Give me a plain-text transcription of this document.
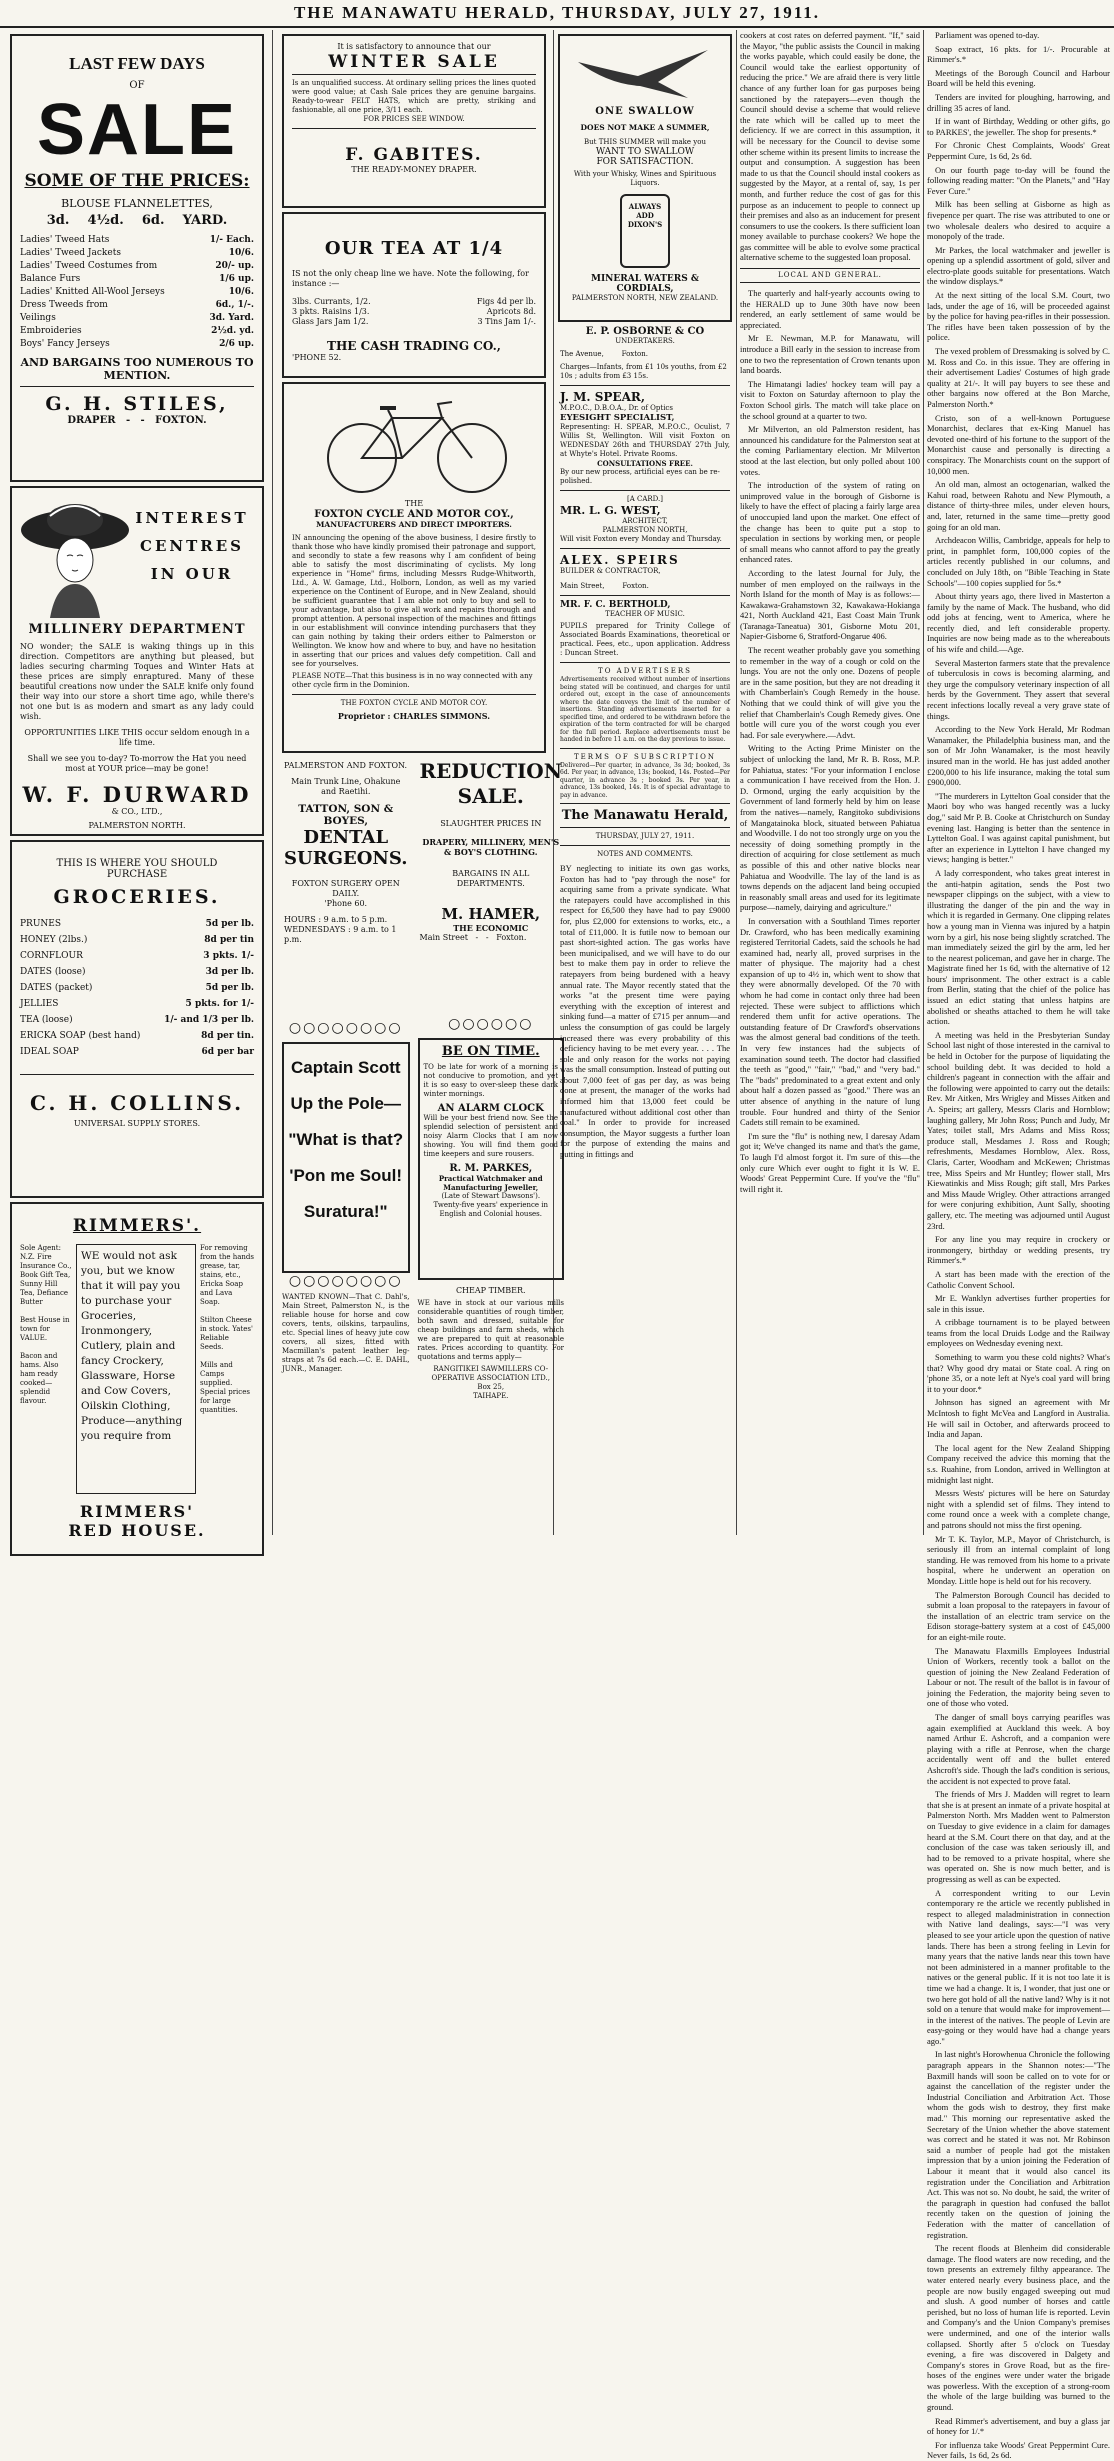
THE MANAWATU HERALD, THURSDAY, JULY 27, 1911.
LAST FEW DAYS
OF
SALE
SOME OF THE PRICES:
BLOUSE FLANNELETTES,
3d.    4½d.    6d.    YARD.
Ladies' Tweed Hats	1/- Each.
Ladies' Tweed Jackets	10/6.
Ladies' Tweed Costumes from	20/- up.
Balance Furs	1/6 up.
Ladies' Knitted All-Wool Jerseys	10/6.
Dress Tweeds from	6d., 1/-.
Veilings	3d. Yard.
Embroideries	2½d. yd.
Boys' Fancy Jerseys	2/6 up.
AND BARGAINS TOO NUMEROUS TO MENTION.
G. H. STILES,
DRAPER   -   -   FOXTON.
INTEREST
CENTRES
IN OUR
MILLINERY DEPARTMENT
NO wonder; the SALE is waking things up in this direction. Competitors are anything but pleased, but ladies securing charming Toques and Winter Hats at these prices are simply enraptured. Many of these beautiful creations now under the SALE knife only found their way into our store a short time ago, while there's not one but is as modern and smart as any lady could wish.
OPPORTUNITIES LIKE THIS occur seldom enough in a life time.
Shall we see you to-day? To-morrow the Hat you need most at YOUR price—may be gone!
W. F. DURWARD
& CO., LTD.,
PALMERSTON NORTH.
THIS IS WHERE YOU SHOULD
PURCHASE
GROCERIES.
PRUNES	5d per lb.
HONEY (2lbs.)	8d per tin
CORNFLOUR	3 pkts. 1/-
DATES (loose)	3d per lb.
DATES (packet)	5d per lb.
JELLIES	5 pkts. for 1/-
TEA (loose)	1/- and 1/3 per lb.
ERICKA SOAP (best hand)	8d per tin.
IDEAL SOAP	6d per bar
C. H. COLLINS.
UNIVERSAL SUPPLY STORES.
RIMMERS'.
Sole Agent: N.Z. Fire Insurance Co., Book Gift Tea, Sunny Hill Tea, Defiance Butter

Best House in town for VALUE.

Bacon and hams. Also ham ready cooked—splendid flavour.
WE would not ask you, but we know that it will pay you to purchase your Groceries, Ironmongery, Cutlery, plain and fancy Crockery, Glassware, Horse and Cow Covers, Oilskin Clothing, Produce—anything you require from
For removing from the hands grease, tar, stains, etc., Ericka Soap and Lava Soap.

Stilton Cheese in stock. Yates' Reliable Seeds.

Mills and Camps supplied. Special prices for large quantities.
RIMMERS'
RED HOUSE.
It is satisfactory to announce that our
WINTER SALE
Is an unqualified success. At ordinary selling prices the lines quoted were good value; at Cash Sale prices they are genuine bargains. Ready-to-wear FELT HATS, which are pretty, striking and fashionable, all one price, 3/11 each.
FOR PRICES SEE WINDOW.
F. GABITES.
THE READY-MONEY DRAPER.
OUR TEA AT 1/4
IS not the only cheap line we have. Note the following, for instance :—
3lbs. Currants, 1/2.
3 pkts. Raisins 1/3.
Glass Jars Jam 1/2.
Figs 4d per lb.
Apricots 8d.
3 Tins Jam 1/-.
THE CASH TRADING CO.,
'PHONE 52.
THE
FOXTON CYCLE AND MOTOR COY.,
MANUFACTURERS AND DIRECT IMPORTERS.
IN announcing the opening of the above business, I desire firstly to thank those who have kindly promised their patronage and support, and secondly to state a few reasons why I am confident of being able to satisfy the most discriminating of cyclists. My long experience in "Home" firms, including Messrs Rudge-Whitworth, Ltd., A. W. Gamage, Ltd., Holborn, London, as well as my varied experience on the Continent of Europe, and in New Zealand, should be sufficient guarantee that I am able not only to buy and sell to your advantage, but also to give all work and repairs thorough and prompt attention. A personal inspection of the machines and fittings in our establishment will convince intending purchasers that they can gain nothing by taking their orders either to Palmerston or Wellington. We know how and where to buy, and have no hesitation in asserting that our prices and values defy competition. Call and see for yourselves.
PLEASE NOTE—That this business is in no way connected with any other cycle firm in the Dominion.
THE FOXTON CYCLE AND MOTOR COY.
Proprietor : CHARLES SIMMONS.
PALMERSTON AND FOXTON.
Main Trunk Line, Ohakune and Raetihi.
TATTON, SON & BOYES,
DENTAL SURGEONS.
FOXTON SURGERY OPEN DAILY.
'Phone 60.
HOURS : 9 a.m. to 5 p.m.
WEDNESDAYS : 9 a.m. to 1 p.m.
○○○○○○○○
Captain Scott
Up the Pole—
"What is that?
'Pon me Soul!
Suratura!"
○○○○○○○○
WANTED KNOWN—That C. Dahl's, Main Street, Palmerston N., is the reliable house for horse and cow covers, tents, oilskins, tarpaulins, etc. Special lines of heavy jute cow covers, all sizes, fitted with Macmillan's patent leather leg-straps at 7s 6d each.—C. E. DAHL, JUNR., Manager.
REDUCTION SALE.
SLAUGHTER PRICES IN
DRAPERY, MILLINERY, MEN'S & BOY'S CLOTHING.
BARGAINS IN ALL DEPARTMENTS.
M. HAMER,
THE ECONOMIC
Main Street   -   -   Foxton.
○○○○○○
BE ON TIME.
TO be late for work of a morning is not conducive to promotion, and yet it is so easy to over-sleep these dark winter mornings.
AN ALARM CLOCK
Will be your best friend now. See the splendid selection of persistent and noisy Alarm Clocks that I am now showing. You will find them good time keepers and sure rousers.
R. M. PARKES,
Practical Watchmaker and Manufacturing Jeweller,
(Late of Stewart Dawsons').
Twenty-five years' experience in English and Colonial houses.
CHEAP TIMBER.
WE have in stock at our various mills considerable quantities of rough timber, both sawn and dressed, suitable for cheap buildings and farm sheds, which we are prepared to quit at reasonable rates. Prices according to quantity. For quotations and terms apply—
RANGITIKEI SAWMILLERS CO-OPERATIVE ASSOCIATION LTD.,
Box 25,
TAIHAPE.
ONE SWALLOW
DOES NOT MAKE A SUMMER,
But THIS SUMMER will make you
WANT TO SWALLOW
FOR SATISFACTION.
With your Whisky, Wines and Spirituous Liquors.
ALWAYS
ADD
DIXON'S
MINERAL WATERS & CORDIALS,
PALMERSTON NORTH, NEW ZEALAND.
E. P. OSBORNE & CO
UNDERTAKERS.
The Avenue,        Foxton.
Charges—Infants, from £1 10s youths, from £2 10s ; adults from £3 15s.
J. M. SPEAR,
M.P.O.C., D.B.O.A., Dr. of Optics
EYESIGHT SPECIALIST,
Representing: H. SPEAR, M.P.O.C., Oculist, 7 Willis St, Wellington. Will visit Foxton on WEDNESDAY 26th and THURSDAY 27th July, at Whyte's Hotel. Private Rooms.
CONSULTATIONS FREE.
By our new process, artificial eyes can be re-polished.
[A CARD.]
MR. L. G. WEST,
ARCHITECT,
PALMERSTON NORTH,
Will visit Foxton every Monday and Thursday.
ALEX. SPEIRS
BUILDER & CONTRACTOR,
Main Street,        Foxton.
MR. F. C. BERTHOLD,
TEACHER OF MUSIC.
PUPILS prepared for Trinity College of Associated Boards Examinations, theoretical or practical. Fees, etc., upon application. Address : Duncan Street.
TO ADVERTISERS
Advertisements received without number of insertions being stated will be continued, and charges for until ordered out, except in the case of announcements where the date conveys the limit of the number of insertions. Standing advertisements inserted for a specified time, and ordered to be withdrawn before the expiration of the term contracted for will be charged for the full period. Replace advertisements must be handed in before 11 a.m. on the day previous to issue.
TERMS OF SUBSCRIPTION
Delivered—Per quarter, in advance, 3s 3d; booked, 3s 6d. Per year, in advance, 13s; booked, 14s. Posted—Per quarter, in advance 3s ; booked 3s. Per year, in advance, 13s booked, 14s. It is of special advantage to pay in advance.
The Manawatu Herald,
THURSDAY, JULY 27, 1911.
NOTES AND COMMENTS.
BY neglecting to initiate its own gas works, Foxton has had to "pay through the nose" for acquiring same from a private syndicate. What the ratepayers could have accomplished in this respect for £6,500 they have had to pay £9000 for, plus £2,000 for extensions to works, etc., a total of £11,000. It is futile now to bemoan our past short-sighted action. The gas works have been municipalised, and we will have to do our best to make them pay in order to relieve the ratepayers from being burdened with a heavy annual rate. The Mayor recently stated that the works "at the present time were paying everything with the exception of interest and sinking fund—a matter of £715 per annum—and unless the consumption of gas could be largely increased there was every probability of this deficiency having to be met every year. . . . The sole and only reason for the works not paying was the small consumption. Instead of putting out about 7,000 feet of gas per day, as was being done at present, the manager of the works had informed him that 13,000 feet could be manufactured without additional cost other than coal." In order to provide for increased consumption, the Mayor suggests a further loan for the purpose of extending the mains and putting in fittings and
cookers at cost rates on deferred payment. "If," said the Mayor, "the public assists the Council in making the works payable, which could easily be done, the Council would take the earliest opportunity of reducing the price." We are afraid there is very little chance of any further loan for gas purposes being sanctioned by the ratepayers—even though the Council should devise a scheme that would relieve the rate which will be called up to meet the deficiency. If we are correct in this assumption, it will be necessary for the Council to devise some other scheme within its present limits to increase the output and consumption. A suggestion has been made to us that the Council should instal cookers as suggested by the Mayor, at a rental of, say, 1s per month, and further reduce the cost of gas for this purpose as an inducement to people to connect up their premises and also as an inducement for present consumers to use the cookers. Is there sufficient loan money available to purchase cookers? We hope the gas committee will be able to evolve some practical alternative scheme to the suggested loan proposal.
LOCAL AND GENERAL.

The quarterly and half-yearly accounts owing to the HERALD up to June 30th have now been rendered, an early settlement of same would be appreciated.

Mr E. Newman, M.P. for Manawatu, will introduce a Bill early in the session to increase from one to two the representation of Crown tenants upon land boards.

The Himatangi ladies' hockey team will pay a visit to Foxton on Saturday afternoon to play the Foxton School girls. The match will take place on the school ground at a quarter to two.

Mr Milverton, an old Palmerston resident, has announced his candidature for the Palmerston seat at the coming Parliamentary election. Mr Milverton stood at the last election, but only polled about 100 votes.

The introduction of the system of rating on unimproved value in the borough of Gisborne is likely to have the effect of placing a fairly large area of unoccupied land upon the market. One effect of the change has been to quite put a stop to speculation in sections by working men, or people of small means who cannot afford to pay the greatly enhanced rates.

According to the latest Journal for July, the number of men employed on the railways in the North Island for the month of May is as follows:—Kawakawa-Grahamstown 32, Kawakawa-Hokianga 421, North Auckland 421, East Coast Main Trunk (Taranaga-Taneatua) 301, Gisborne Motu 201, Napier-Gisborne 6, Stratford-Ongarue 406.

The recent weather probably gave you something to remember in the way of a cough or cold on the lungs. You are not the only one. Dozens of people are in the same position, but they are not dreading it with Chamberlain's Cough Remedy in the house. Nothing that we could think of will give you the relief that Chamberlain's Cough Remedy gives. One bottle will cure you of the worst cough you ever had. For sale everywhere.—Advt.

Writing to the Acting Prime Minister on the subject of unlocking the land, Mr R. B. Ross, M.P. for Pahiatua, states: "For your information I enclose a communication I have received from the Hon. J. D. Ormond, urging the early acquisition by the Government of land formerly held by him on lease from the natives—namely, Rangitoko subdivisions of Mangatainoka block, situated between Pahiatua and Woodville. I do not too strongly urge on you the necessity of doing something promptly in the direction of acquiring for close settlement as much as possible of this and other native blocks near Pahiatua and Woodville. The lay of the land is as towns depends on the adjacent land being occupied in reasonably small areas and used for its legitimate purpose—namely, dairying and agriculture."

In conversation with a Southland Times reporter Dr. Crawford, who has been medically examining registered Territorial Cadets, said the schools he had examined had, nearly all, proved surprises in the matter of physique. The majority had a chest expansion of up to 4½ in, which went to show that they were abnormally developed. Of the 70 with whom he had come in contact only three had been rejected. These were subject to afflictions which rendered them unfit for active operations. The outstanding feature of Dr Crawford's observations was the almost general bad conditions of the teeth. In very few instances had the subjects of examination sound teeth. The doctor had classified the teeth as "good," "fair," "bad," and "very bad." The "bads" predominated to a great extent and only about half a dozen passed as "good." There was an utter absence of anything in the nature of lung trouble. Four hundred and thirty of the Senior Cadets still remain to be examined.

I'm sure the "flu" is nothing new, I daresay Adam got it; We've changed its name and that's the game, To laugh I'd almost forgot it. I'm sure of this—the only cure Which ever ought to fight it Is W. E. Woods' Great Peppermint Cure. If you've the "flu" twill right it.

Parliament was opened to-day.

Soap extract, 16 pkts. for 1/-. Procurable at Rimmer's.*

Meetings of the Borough Council and Harbour Board will be held this evening.

Tenders are invited for ploughing, harrowing, and drilling 35 acres of land.

If in want of Birthday, Wedding or other gifts, go to PARKES', the jeweller. The shop for presents.*

For Chronic Chest Complaints, Woods' Great Peppermint Cure, 1s 6d, 2s 6d.

On our fourth page to-day will be found the following reading matter: "On the Planets," and "Hay Fever Cure."

Milk has been selling at Gisborne as high as fivepence per quart. The rise was attributed to one or two wholesale dealers who desired to acquire a monopoly of the trade.

Mr Parkes, the local watchmaker and jeweller is opening up a splendid assortment of gold, silver and electro-plate goods suitable for presentations. Watch the window displays.*

At the next sitting of the local S.M. Court, two lads, under the age of 16, will be proceeded against by the police for having pea-rifles in their possession. The rifles have been taken possession of by the police.

The vexed problem of Dressmaking is solved by C. M. Ross and Co. in this issue. They are offering in their advertisement Ladies' Costumes of high grade quality at 21/-. It will pay buyers to see these and other bargains now offered at the Bon Marche, Palmerston North.*

Cristo, son of a well-known Portuguese Monarchist, declares that ex-King Manuel has devoted one-third of his fortune to the support of the Monarchist cause and personally is directing a conspiracy. The Monarchists count on the support of 10,000 men.

An old man, almost an octogenarian, walked the Kahui road, between Rahotu and New Plymouth, a distance of thirty-three miles, under eleven hours, and, later, returned in the same time—pretty good going for an old man.

Archdeacon Willis, Cambridge, appeals for help to print, in pamphlet form, 100,000 copies of the articles recently published in our columns, and concluded on July 18th, on "Bible Teaching in State Schools"—100 copies supplied for 5s.*

About thirty years ago, there lived in Masterton a family by the name of Mack. The husband, who did odd jobs at fencing, went to America, where he recently died, and left considerable property. Inquiries are now being made as to the whereabouts of his wife and child.—Age.

Several Masterton farmers state that the prevalence of tuberculosis in cows is becoming alarming, and they urge the compulsory veterinary inspection of all herds by the Government. They assert that several recent infections locally reveal a very grave state of things.

According to the New York Herald, Mr Rodman Wanamaker, the Philadelphia business man, and the son of Mr John Wanamaker, is the most heavily insured man in the world. He has just added another £200,000 to his life insurance, making the total sum £900,000.

"The murderers in Lyttelton Goal consider that the Maori boy who was hanged recently was a lucky dog," said Mr P. B. Cooke at Christchurch on Sunday evening last. Hanging is better than the sentence in Lyttelton Goal. I was against capital punishment, but after an experience in Lyttelton I have changed my views; hanging is better."

A lady correspondent, who takes great interest in the anti-hatpin agitation, sends the Post two newspaper clippings on the subject, with a view to illustrating the danger of the pin and the way in which it is regarded in Germany. One clipping relates how a young man in Vienna was injured by a hatpin worn by a girl, his nose being slightly scratched. The man immediately seized the girl by the arm, led her to the nearest policeman, and gave her in charge. The Magistrate fined her 1s 6d, with the alternative of 12 hours' imprisonment. The other extract is a cable from Berlin, stating that the chief of the police has issued an edict stating that unless hatpins are abolished or sheaths attached to them he will take action.

A meeting was held in the Presbyterian Sunday School last night of those interested in the carnival to be held in October for the purpose of liquidating the school building debt. It was decided to hold a children's pageant in connection with the affair and the following were appointed to carry out the details: Rev. Mr Aitken, Mrs Wrigley and Misses Aitken and A. Speirs; art gallery, Messrs Claris and Hornblow; laughing gallery, Mr John Ross; Punch and Judy, Mr Yates; toilet stall, Mrs Adams and Miss Ross; produce stall, Mesdames J. Ross and Rough; refreshments, Mesdames Hornblow, Alex. Ross, Claris, Carter, Woodham and McKewen; Christmas tree, Miss Speirs and Mr Huntley; flower stall, Mrs Kiewatinkis and Miss Rough; gift stall, Mrs Parkes and Miss Maude Wrigley. Other attractions arranged for were conjuring exhibition, Aunt Sally, shooting gallery, etc. The meeting was adjourned until August 23rd.

For any line you may require in crockery or ironmongery, birthday or wedding presents, try Rimmer's.*

A start has been made with the erection of the Catholic Convent School.

Mr E. Wanklyn advertises further properties for sale in this issue.

A cribbage tournament is to be played between teams from the local Druids Lodge and the Railway employees on Wednesday evening next.

Something to warm you these cold nights? What's that? Why good dry matai or State coal. A ring on 'phone 35, or a note left at Nye's coal yard will bring it to your door.*

Johnson has signed an agreement with Mr McIntosh to fight McVea and Langford in Australia. He will sail in October, and afterwards proceed to India and Japan.

The local agent for the New Zealand Shipping Company received the advice this morning that the s.s. Ruahine, from London, arrived in Wellington at midnight last night.

Messrs Wests' pictures will be here on Saturday night with a splendid set of films. They intend to come round once a week with a complete change, and patrons should not miss the first opening.

Mr T. K. Taylor, M.P., Mayor of Christchurch, is seriously ill from an internal complaint of long standing. He was removed from his home to a private hospital, where he underwent an operation on Monday. Little hope is held out for his recovery.

The Palmerston Borough Council has decided to submit a loan proposal to the ratepayers in favour of the installation of an electric tram service on the Edison storage-battery system at a cost of £45,000 for an eight-mile route.

The Manawatu Flaxmills Employees Industrial Union of Workers, recently took a ballot on the question of joining the New Zealand Federation of Labour or not. The result of the ballot is in favour of joining the Federation, the majority being seven to one of those who voted.

The danger of small boys carrying pearifles was again exemplified at Auckland this week. A boy named Arthur E. Ashcroft, and a companion were playing with a rifle at Penrose, when the charge accidentally went off and the bullet entered Ashcroft's side. Though the lad's condition is serious, the accident is not expected to prove fatal.

The friends of Mrs J. Madden will regret to learn that she is at present an inmate of a private hospital at Palmerston North. Mrs Madden went to Palmerston on Tuesday to give evidence in a claim for damages heard at the S.M. Court there on that day, and at the conclusion of the case was taken seriously ill, and had to be removed to a private hospital, where she was operated on. She is now much better, and is progressing as well as can be expected.

A correspondent writing to our Levin contemporary re the article we recently published in respect to alleged maladministration in connection with Native land dealings, says:—"I was very pleased to see your article upon the question of native lands. There has been a strong feeling in Levin for many years that the native lands near this town have not been administered in a manner profitable to the natives or the general public. If it is not too late it is time we had a change. It is, I wonder, that just one or two here got hold of all the native land? Why is it not sold on a tenure that would make for improvement—in the interest of the natives. The people of Levin are easy-going or they would have had a change years ago."

In last night's Horowhenua Chronicle the following paragraph appears in the Shannon notes:—"The Baxmill hands will soon be called on to vote for or against the cancellation of the register under the Industrial Conciliation and Arbitration Act. Those whom the gods wish to destroy, they first make mad." This morning our representative asked the Secretary of the Union whether the above statement was correct and he stated it was not. Mr Robinson said a number of people had got the mistaken impression that by a union joining the Federation of Labour it meant that it would also cancel its registration under the Conciliation and Arbitration Act. This was not so. No doubt, he said, the writer of the paragraph in question had confused the ballot recently taken on the question of joining the Federation with the matter of cancellation of registration.

The recent floods at Blenheim did considerable damage. The flood waters are now receding, and the town presents an extremely filthy appearance. The water entered nearly every business place, and the people are now busily engaged sweeping out mud and slush. A good number of horses and cattle perished, but no loss of human life is reported. Levin and Company's and the Union Company's premises were undermined, and one of the interior walls collapsed. Shortly after 5 o'clock on Tuesday evening, a fire was discovered in Dalgety and Company's stores in Grove Road, but as the fire-hoses of the engines were under water the brigade was powerless. With the exception of a strong-room the whole of the large building was burned to the ground.

Read Rimmer's advertisement, and buy a glass jar of honey for 1/.*

For influenza take Woods' Great Peppermint Cure. Never fails, 1s 6d, 2s 6d.
